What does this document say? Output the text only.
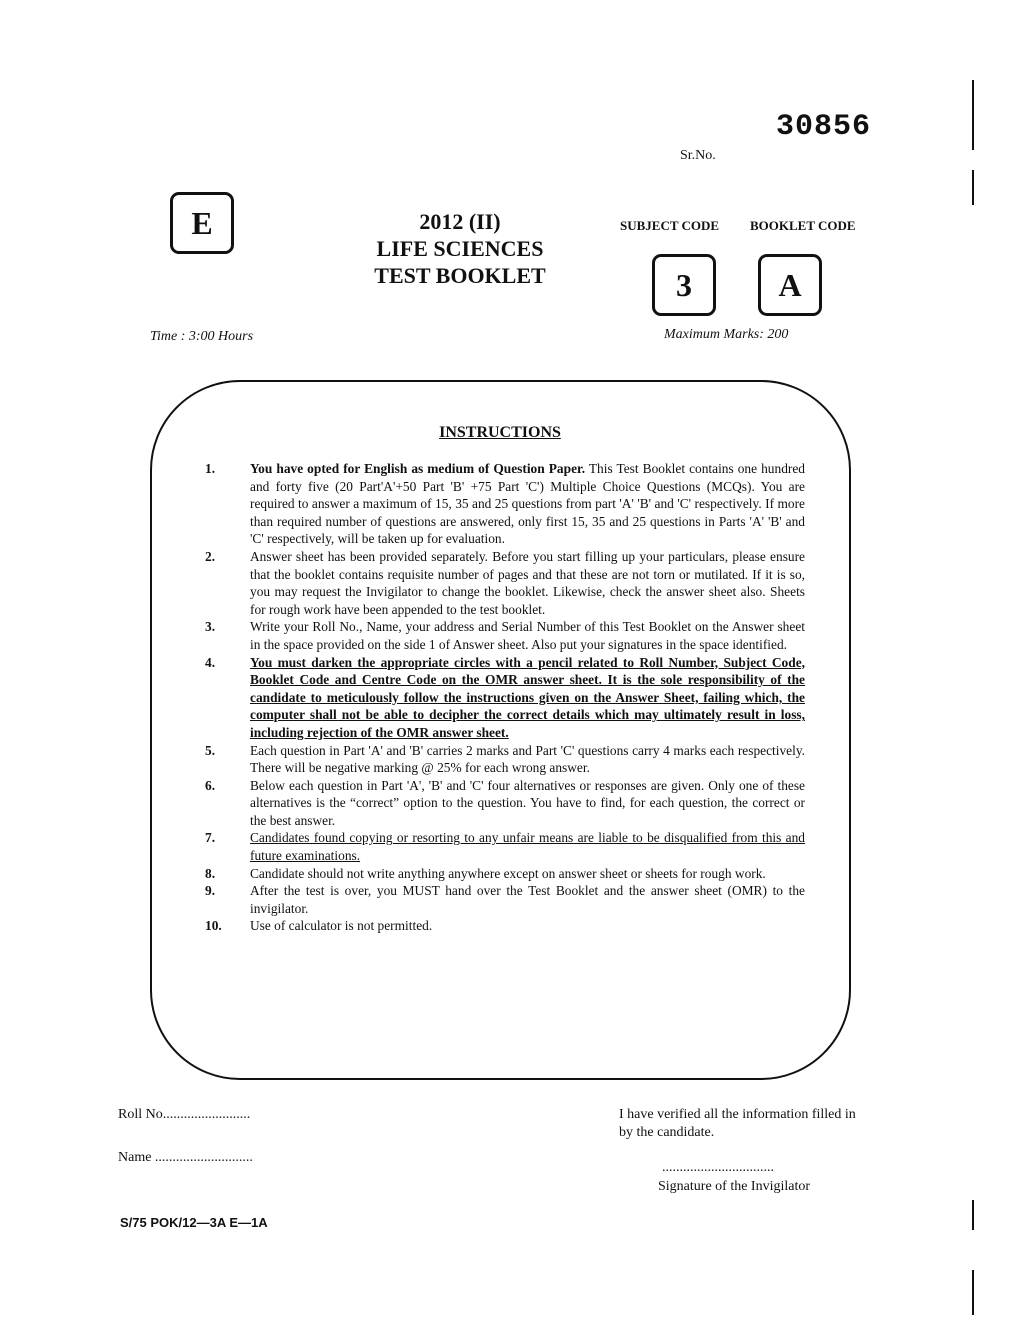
30856
Sr.No.
E	2012 (II)
LIFE SCIENCES
TEST BOOKLET
SUBJECT CODE BOOKLET CODE
3	A
Time : 3:00 Hours	Maximum Marks: 200
INSTRUCTIONS
1.	You have opted for English as medium of Question Paper. This Test Booklet contains one hundred and forty five (20 Part'A'+50 Part 'B' +75 Part 'C') Multiple Choice Questions (MCQs). You are required to answer a maximum of 15, 35 and 25 questions from part 'A' 'B' and 'C' respectively. If more than required number of questions are answered, only first 15, 35 and 25 questions in Parts 'A' 'B' and 'C' respectively, will be taken up for evaluation.
2.	Answer sheet has been provided separately. Before you start filling up your particulars, please ensure that the booklet contains requisite number of pages and that these are not torn or mutilated. If it is so, you may request the Invigilator to change the booklet. Likewise, check the answer sheet also. Sheets for rough work have been appended to the test booklet.
3.	Write your Roll No., Name, your address and Serial Number of this Test Booklet on the Answer sheet in the space provided on the side 1 of Answer sheet. Also put your signatures in the space identified.
4.	You must darken the appropriate circles with a pencil related to Roll Number, Subject Code, Booklet Code and Centre Code on the OMR answer sheet. It is the sole responsibility of the candidate to meticulously follow the instructions given on the Answer Sheet, failing which, the computer shall not be able to decipher the correct details which may ultimately result in loss, including rejection of the OMR answer sheet.
5.	Each question in Part 'A' and 'B' carries 2 marks and Part 'C' questions carry 4 marks each respectively. There will be negative marking @ 25% for each wrong answer.
6.	Below each question in Part 'A', 'B' and 'C' four alternatives or responses are given. Only one of these alternatives is the “correct” option to the question. You have to find, for each question, the correct or the best answer.
7.	Candidates found copying or resorting to any unfair means are liable to be disqualified from this and future examinations.
8.	Candidate should not write anything anywhere except on answer sheet or sheets for rough work.
9.	After the test is over, you MUST hand over the Test Booklet and the answer sheet (OMR) to the invigilator.
10.	Use of calculator is not permitted.
Roll No.........................
Name ............................
I have verified all the information filled in by the candidate.
................................
Signature of the Invigilator
S/75 POK/12—3A E—1A
